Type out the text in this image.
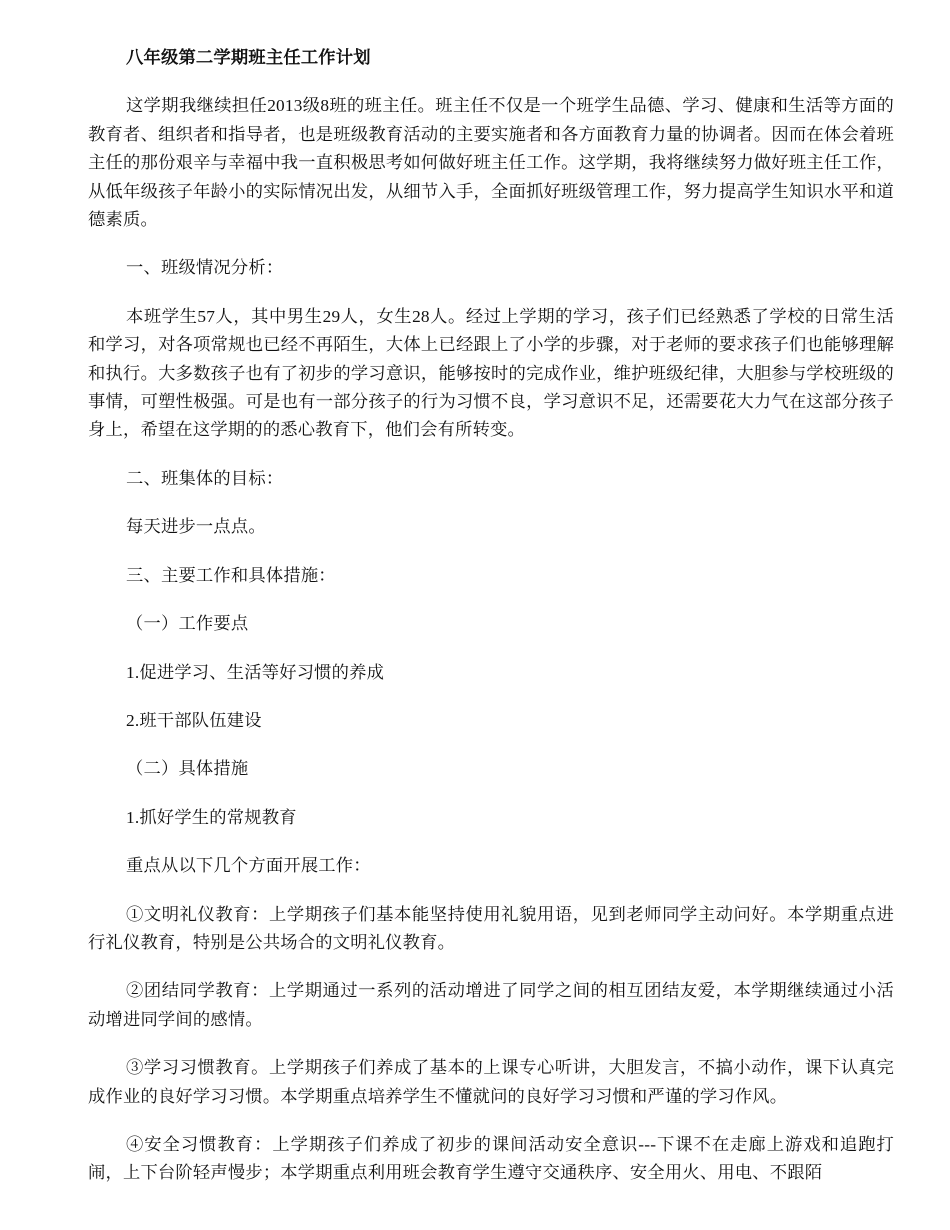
八年级第二学期班主任工作计划

这学期我继续担任2013级8班的班主任。班主任不仅是一个班学生品德、学习、健康和生活等方面的教育者、组织者和指导者，也是班级教育活动的主要实施者和各方面教育力量的协调者。因而在体会着班主任的那份艰辛与幸福中我一直积极思考如何做好班主任工作。这学期，我将继续努力做好班主任工作，从低年级孩子年龄小的实际情况出发，从细节入手，全面抓好班级管理工作，努力提高学生知识水平和道德素质。

一、班级情况分析：

本班学生57人，其中男生29人，女生28人。经过上学期的学习，孩子们已经熟悉了学校的日常生活和学习，对各项常规也已经不再陌生，大体上已经跟上了小学的步骤，对于老师的要求孩子们也能够理解和执行。大多数孩子也有了初步的学习意识，能够按时的完成作业，维护班级纪律，大胆参与学校班级的事情，可塑性极强。可是也有一部分孩子的行为习惯不良，学习意识不足，还需要花大力气在这部分孩子身上，希望在这学期的的悉心教育下，他们会有所转变。

二、班集体的目标：

每天进步一点点。

三、主要工作和具体措施：

（一）工作要点

1.促进学习、生活等好习惯的养成

2.班干部队伍建设

（二）具体措施

1.抓好学生的常规教育

重点从以下几个方面开展工作：

①文明礼仪教育：上学期孩子们基本能坚持使用礼貌用语，见到老师同学主动问好。本学期重点进行礼仪教育，特别是公共场合的文明礼仪教育。

②团结同学教育：上学期通过一系列的活动增进了同学之间的相互团结友爱，本学期继续通过小活动增进同学间的感情。

③学习习惯教育。上学期孩子们养成了基本的上课专心听讲，大胆发言，不搞小动作，课下认真完成作业的良好学习习惯。本学期重点培养学生不懂就问的良好学习习惯和严谨的学习作风。

④安全习惯教育：上学期孩子们养成了初步的课间活动安全意识---下课不在走廊上游戏和追跑打闹，上下台阶轻声慢步；本学期重点利用班会教育学生遵守交通秩序、安全用火、用电、不跟陌
